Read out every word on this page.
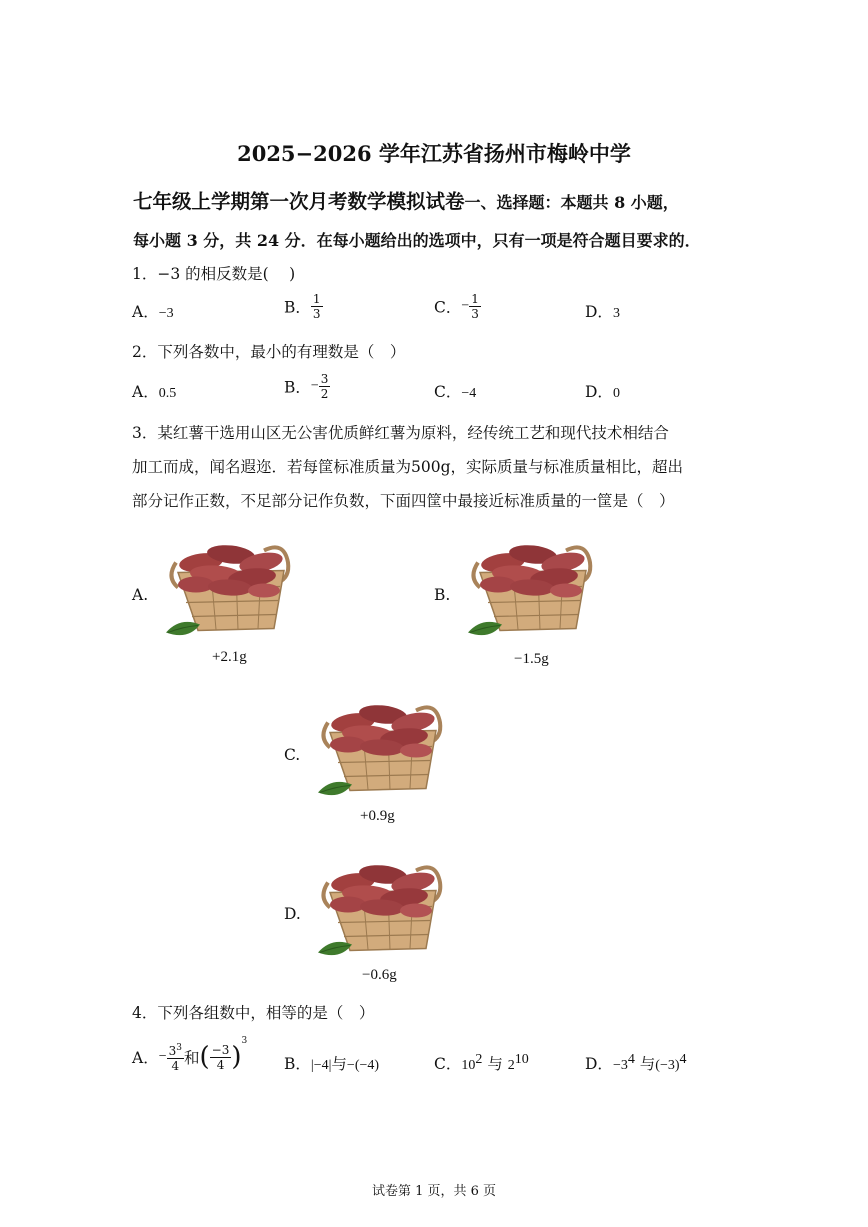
2025−2026 学年江苏省扬州市梅岭中学
七年级上学期第一次月考数学模拟试卷一、选择题：本题共 8 小题，
每小题 3 分，共 24 分．在每小题给出的选项中，只有一项是符合题目要求的．
1．−3 的相反数是(　 )
A．−3	B． $\frac{1}{3}$	C．− $\frac{1}{3}$	D．3
2．下列各数中，最小的有理数是（　）
A．0.5	B．− $\frac{3}{2}$	C．−4	D．0
3．某红薯干选用山区无公害优质鲜红薯为原料，经传统工艺和现代技术相结合
加工而成，闻名遐迩．若每筐标准质量为500g，实际质量与标准质量相比，超出
部分记作正数，不足部分记作负数，下面四筐中最接近标准质量的一筐是（　）
A.
+2.1g
B.
−1.5g
C.
+0.9g
D.
−0.6g
4．下列各组数中，相等的是（　）
A．− $\frac{3^3}{4}$ 和( $\frac{-3}{4} )^3$
B．|−4|与−(−4)	C．$10^2$ 与 $2^{10}$	D．$-3^4$ 与$(-3)^4$
试卷第 1 页，共 6 页
